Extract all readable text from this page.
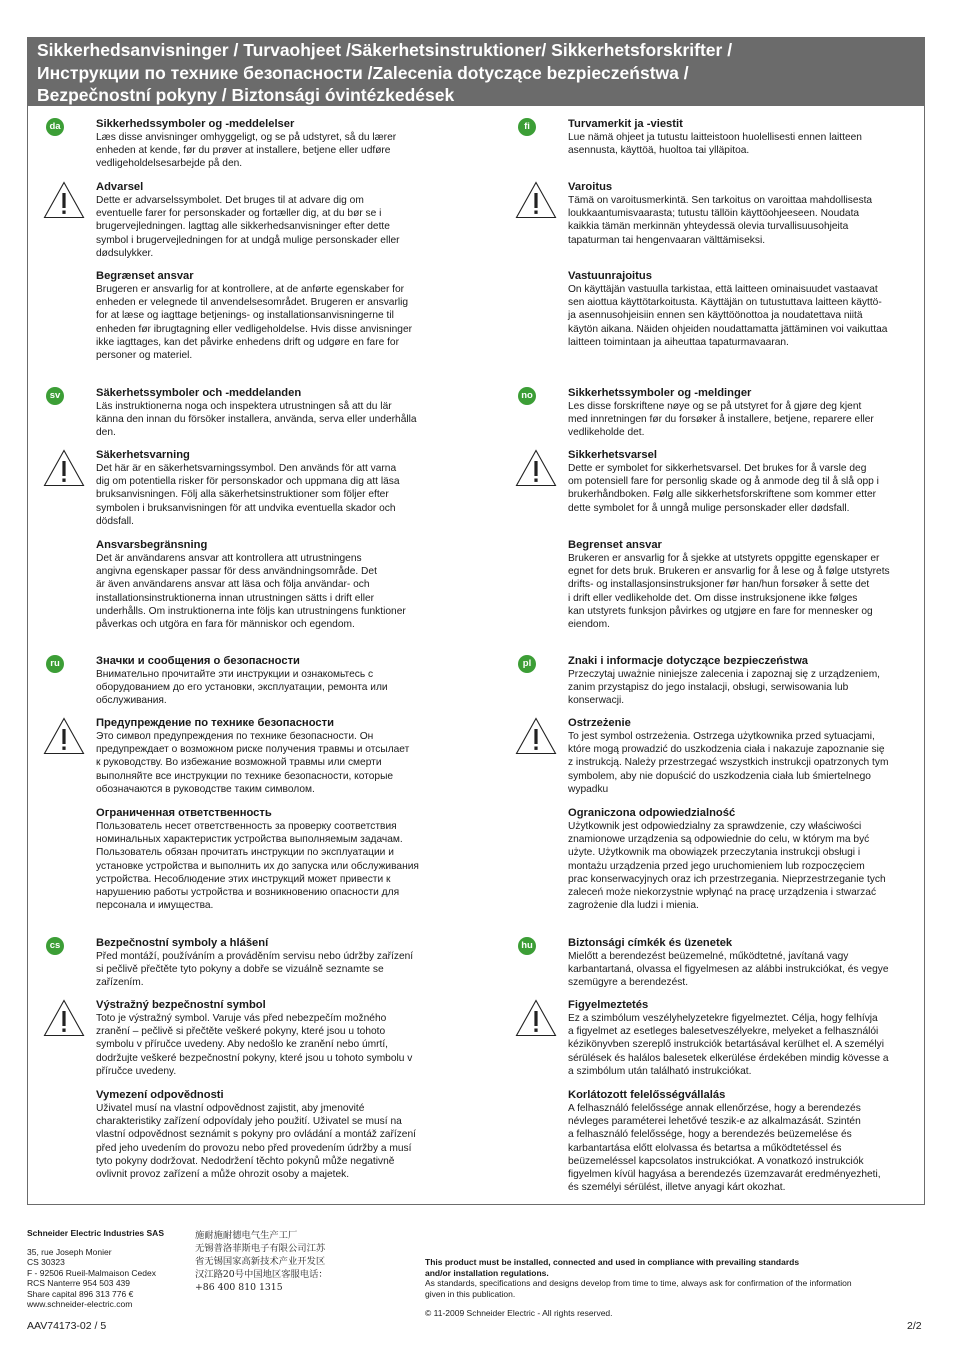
Sikkerhedsanvisninger / Turvaohjeet /Säkerhetsinstruktioner/ Sikkerhetsforskrifter /
Инструкции по технике безопасности /Zalecenia dotyczące bezpieczeństwa /
Bezpečnostní pokyny / Biztonsági óvintézkedések
da	Sikkerhedssymboler og -meddelelser
Læs disse anvisninger omhyggeligt, og se på udstyret, så du lærer
enheden at kende, før du prøver at installere, betjene eller udføre
vedligeholdelsesarbejde på den.
Advarsel
Dette er advarselssymbolet. Det bruges til at advare dig om
eventuelle farer for personskader og fortæller dig, at du bør se i
brugervejledningen. lagttag alle sikkerhedsanvisninger efter dette
symbol i brugervejledningen for at undgå mulige personskader eller
dødsulykker.
Begrænset ansvar
Brugeren er ansvarlig for at kontrollere, at de anførte egenskaber for
enheden er velegnede til anvendelsesområdet. Brugeren er ansvarlig
for at læse og iagttage betjenings- og installationsanvisningerne til
enheden før ibrugtagning eller vedligeholdelse. Hvis disse anvisninger
ikke iagttages, kan det påvirke enhedens drift og udgøre en fare for
personer og materiel.
fi	Turvamerkit ja -viestit
Lue nämä ohjeet ja tutustu laitteistoon huolellisesti ennen laitteen
asennusta, käyttöä, huoltoa tai ylläpitoa.
Varoitus
Tämä on varoitusmerkintä. Sen tarkoitus on varoittaa mahdollisesta
loukkaantumisvaarasta; tutustu tällöin käyttöohjeeseen. Noudata
kaikkia tämän merkinnän yhteydessä olevia turvallisuusohjeita
tapaturman tai hengenvaaran välttämiseksi.
Vastuunrajoitus
On käyttäjän vastuulla tarkistaa, että laitteen ominaisuudet vastaavat
sen aiottua käyttötarkoitusta. Käyttäjän on tutustuttava laitteen käyttö-
ja asennusohjeisiin ennen sen käyttöönottoa ja noudatettava niitä
käytön aikana. Näiden ohjeiden noudattamatta jättäminen voi vaikuttaa
laitteen toimintaan ja aiheuttaa tapaturmavaaran.
sv	Säkerhetssymboler och -meddelanden
Läs instruktionerna noga och inspektera utrustningen så att du lär
känna den innan du försöker installera, använda, serva eller underhålla
den.
Säkerhetsvarning
Det här är en säkerhetsvarningssymbol. Den används för att varna
dig om potentiella risker för personskador och uppmana dig att läsa
bruksanvisningen. Följ alla säkerhetsinstruktioner som följer efter
symbolen i bruksanvisningen för att undvika eventuella skador och
dödsfall.
Ansvarsbegränsning
Det är användarens ansvar att kontrollera att utrustningens
angivna egenskaper passar för dess användningsområde. Det
är även användarens ansvar att läsa och följa användar- och
installationsinstruktionerna innan utrustningen sätts i drift eller
underhålls. Om instruktionerna inte följs kan utrustningens funktioner
påverkas och utgöra en fara för människor och egendom.
no	Sikkerhetssymboler og -meldinger
Les disse forskriftene nøye og se på utstyret for å gjøre deg kjent
med innretningen før du forsøker å installere, betjene, reparere eller
vedlikeholde det.
Sikkerhetsvarsel
Dette er symbolet for sikkerhetsvarsel. Det brukes for å varsle deg
om potensiell fare for personlig skade og å anmode deg til å slå opp i
brukerhåndboken. Følg alle sikkerhetsforskriftene som kommer etter
dette symbolet for å unngå mulige personskader eller dødsfall.
Begrenset ansvar
Brukeren er ansvarlig for å sjekke at utstyrets oppgitte egenskaper er
egnet for dets bruk. Brukeren er ansvarlig for å lese og å følge utstyrets
drifts- og installasjonsinstruksjoner før han/hun forsøker å sette det
i drift eller vedlikeholde det. Om disse instruksjonene ikke følges
kan utstyrets funksjon påvirkes og utgjøre en fare for mennesker og
eiendom.
ru	Значки и сообщения о безопасности
Внимательно прочитайте эти инструкции и ознакомьтесь с
оборудованием до его установки, эксплуатации, ремонта или
обслуживания.
Предупреждение по технике безопасности
Это символ предупреждения по технике безопасности. Он
предупреждает о возможном риске получения травмы и отсылает
к руководству. Во избежание возможной травмы или смерти
выполняйте все инструкции по технике безопасности, которые
обозначаются в руководстве таким символом.
Ограниченная ответственность
Пользователь несет ответственность за проверку соответствия
номинальных характеристик устройства выполняемым задачам.
Пользователь обязан прочитать инструкции по эксплуатации и
установке устройства и выполнить их до запуска или обслуживания
устройства. Несоблюдение этих инструкций может привести к
нарушению работы устройства и возникновению опасности для
персонала и имущества.
pl	Znaki i informacje dotyczące bezpieczeństwa
Przeczytaj uważnie niniejsze zalecenia i zapoznaj się z urządzeniem,
zanim przystąpisz do jego instalacji, obsługi, serwisowania lub
konserwacji.
Ostrzeżenie
To jest symbol ostrzeżenia. Ostrzega użytkownika przed sytuacjami,
które mogą prowadzić do uszkodzenia ciała i nakazuje zapoznanie się
z instrukcją. Należy przestrzegać wszystkich instrukcji opatrzonych tym
symbolem, aby nie dopuścić do uszkodzenia ciała lub śmiertelnego
wypadku
Ograniczona odpowiedzialność
Użytkownik jest odpowiedzialny za sprawdzenie, czy właściwości
znamionowe urządzenia są odpowiednie do celu, w którym ma być
użyte. Użytkownik ma obowiązek przeczytania instrukcji obsługi i
montażu urządzenia przed jego uruchomieniem lub rozpoczęciem
prac konserwacyjnych oraz ich przestrzegania. Nieprzestrzeganie tych
zaleceń może niekorzystnie wpłynąć na pracę urządzenia i stwarzać
zagrożenie dla ludzi i mienia.
cs	Bezpečnostní symboly a hlášení
Před montáží, používáním a prováděním servisu nebo údržby zařízení
si pečlivě přečtěte tyto pokyny a dobře se vizuálně seznamte se
zařízením.
Výstražný bezpečnostní symbol
Toto je výstražný symbol. Varuje vás před nebezpečím možného
zranění – pečlivě si přečtěte veškeré pokyny, které jsou u tohoto
symbolu v příručce uvedeny. Aby nedošlo ke zranění nebo úmrtí,
dodržujte veškeré bezpečnostní pokyny, které jsou u tohoto symbolu v
příručce uvedeny.
Vymezení odpovědnosti
Uživatel musí na vlastní odpovědnost zajistit, aby jmenovité
charakteristiky zařízení odpovídaly jeho použití. Uživatel se musí na
vlastní odpovědnost seznámit s pokyny pro ovládání a montáž zařízení
před jeho uvedením do provozu nebo před provedením údržby a musí
tyto pokyny dodržovat. Nedodržení těchto pokynů může negativně
ovlivnit provoz zařízení a může ohrozit osoby a majetek.
hu	Biztonsági címkék és üzenetek
Mielőtt a berendezést beüzemelné, működtetné, javítaná vagy
karbantartaná, olvassa el figyelmesen az alábbi instrukciókat, és vegye
szemügyre a berendezést.
Figyelmeztetés
Ez a szimbólum veszélyhelyzetekre figyelmeztet. Célja, hogy felhívja
a figyelmet az esetleges balesetveszélyekre, melyeket a felhasználói
kézikönyvben szereplő instrukciók betartásával kerülhet el. A személyi
sérülések és halálos balesetek elkerülése érdekében mindig kövesse a
a szimbólum után található instrukciókat.
Korlátozott felelősségvállalás
A felhasználó felelőssége annak ellenőrzése, hogy a berendezés
névleges paraméterei lehetővé teszik-e az alkalmazását. Szintén
a felhasználó felelőssége, hogy a berendezés beüzemelése és
karbantartása előtt elolvassa és betartsa a működtetéssel és
beüzemeléssel kapcsolatos instrukciókat. A vonatkozó instrukciók
figyelmen kívül hagyása a berendezés üzemzavarát eredményezheti,
és személyi sérülést, illetve anyagi kárt okozhat.
Schneider Electric Industries SAS
35, rue Joseph Monier
CS 30323
F - 92506 Rueil-Malmaison Cedex
RCS Nanterre 954 503 439
Share capital 896 313 776 €
www.schneider-electric.com
施耐施耐德电气生产工厂
无锡普洛菲斯电子有限公司江苏
省无锡国家高新技术产业开发区
汉江路20号中国地区客服电话：
+86 400 810 1315
This product must be installed, connected and used in compliance with prevailing standards
and/or installation regulations.
As standards, specifications and designs develop from time to time, always ask for confirmation of the information
given in this publication.
© 11-2009 Schneider Electric - All rights reserved.
AAV74173-02 / 5	2/2
